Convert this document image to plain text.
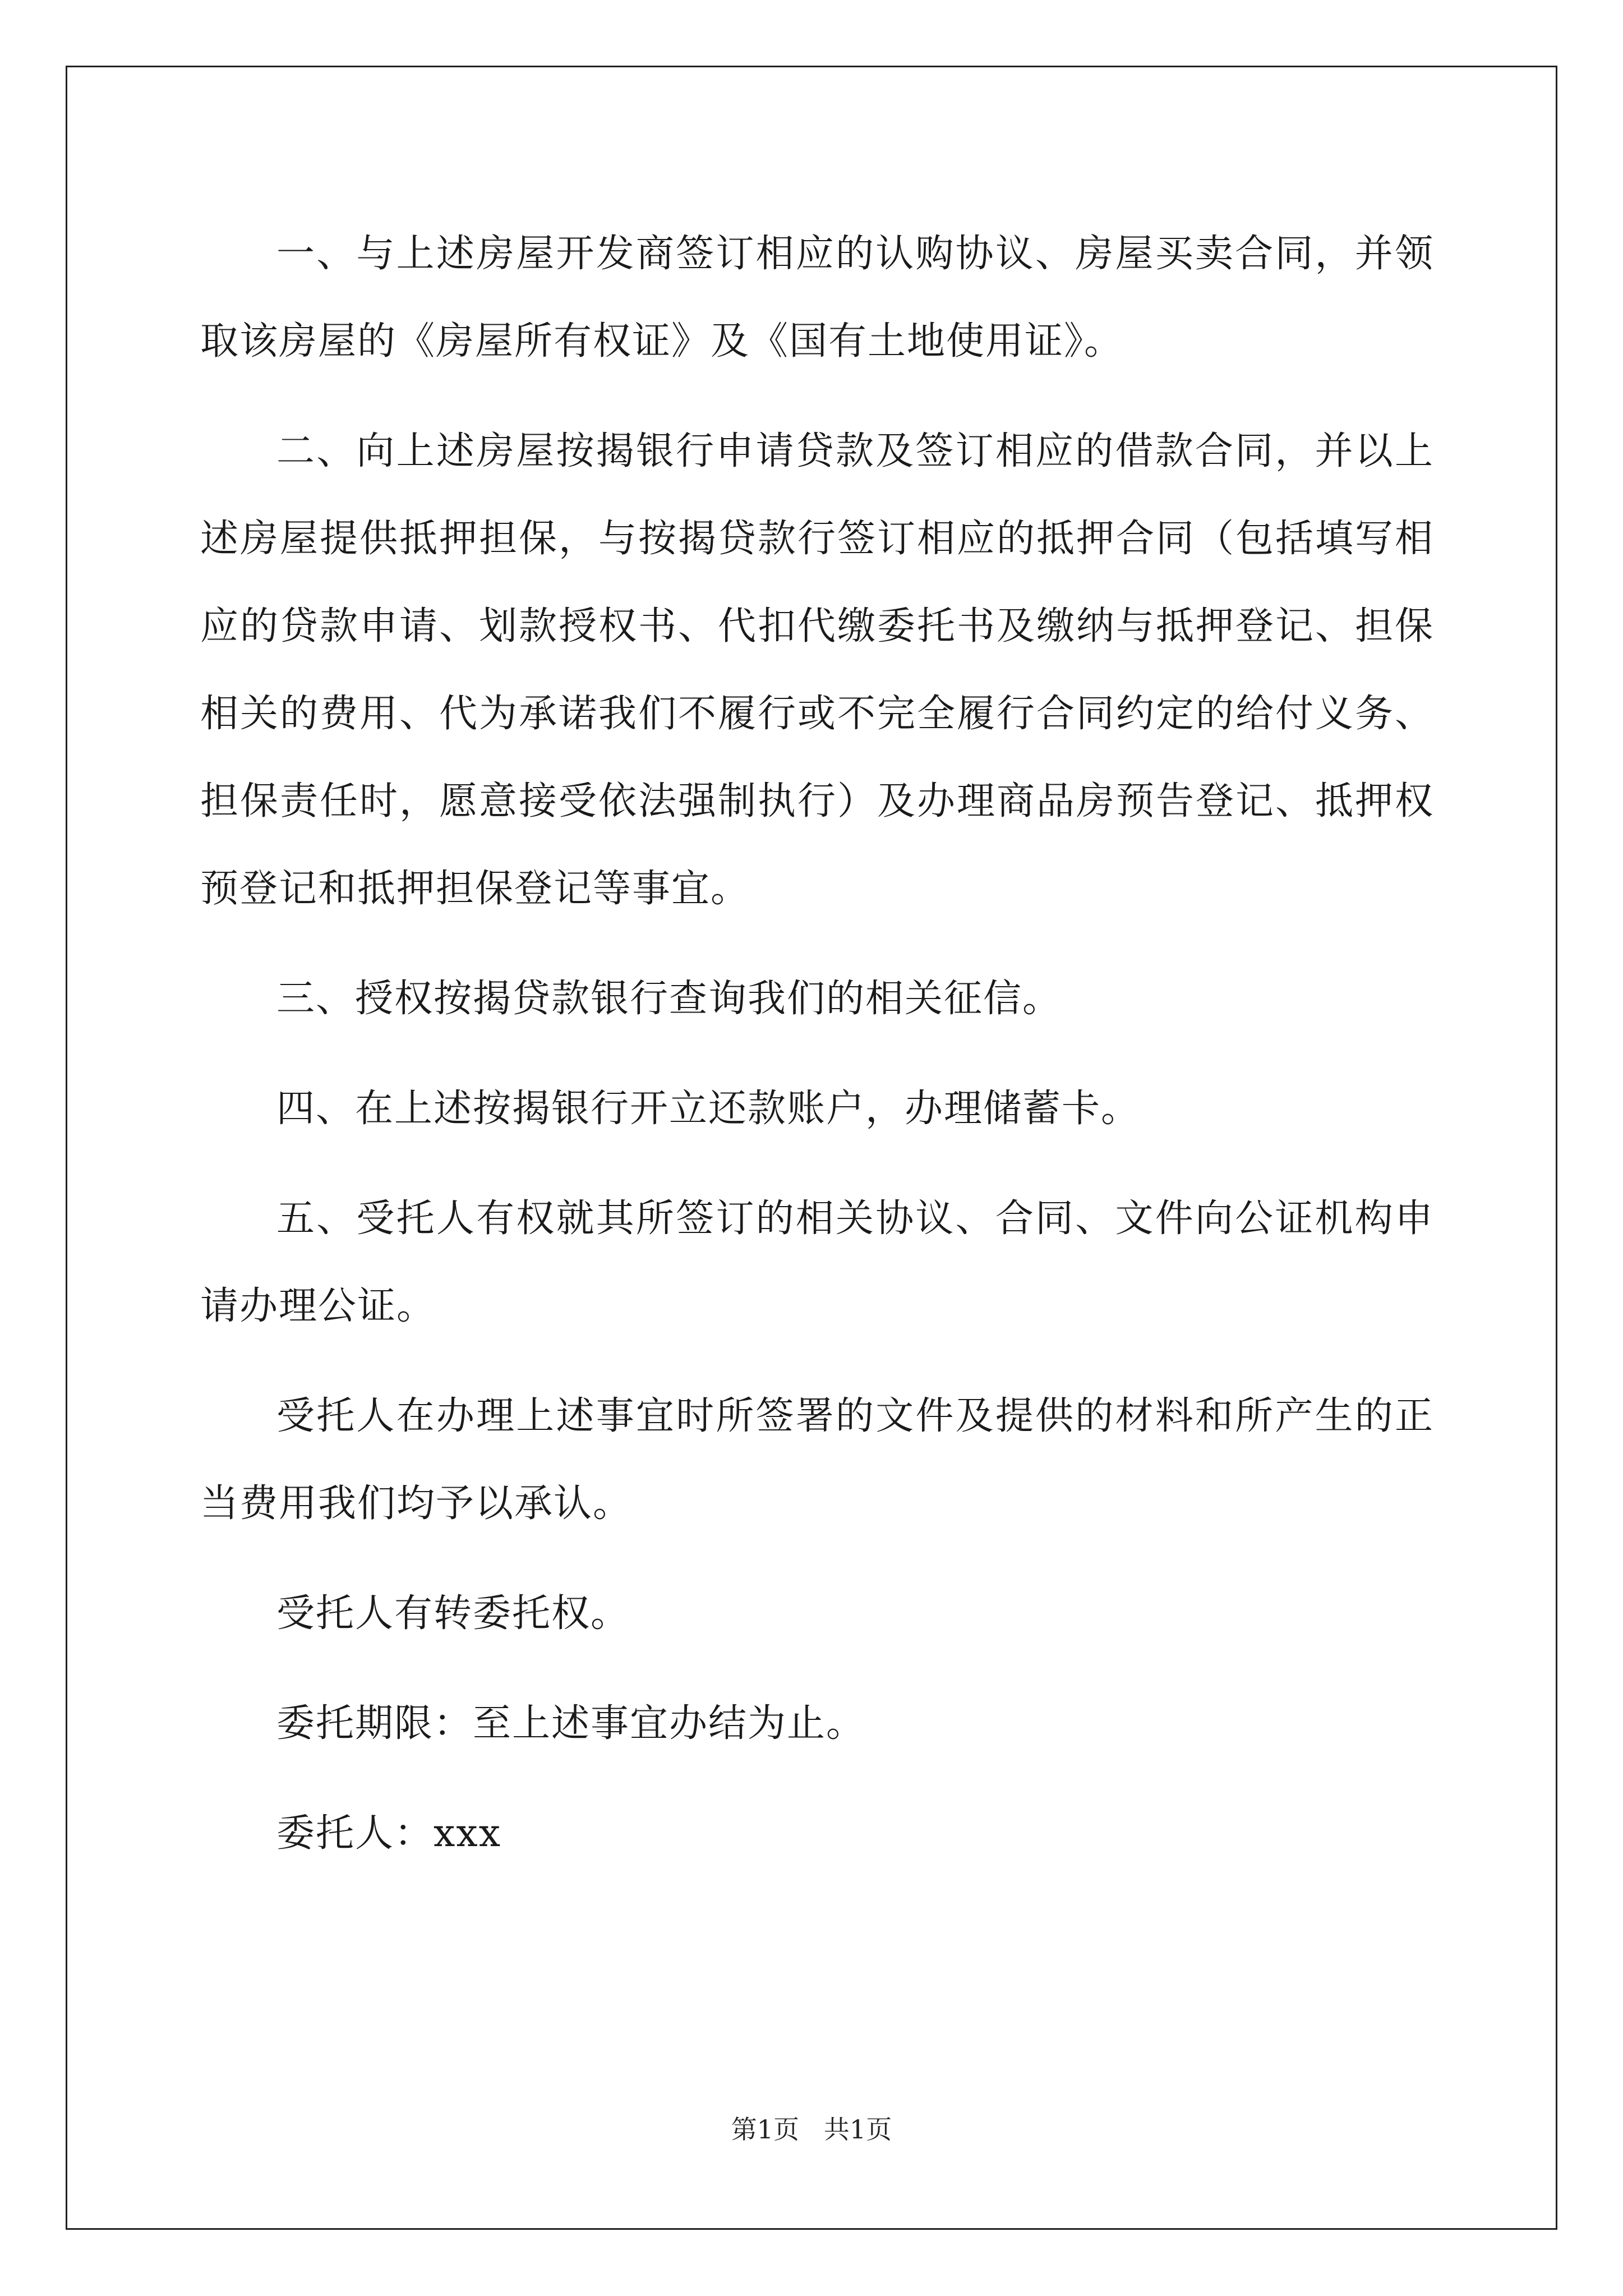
一、与上述房屋开发商签订相应的认购协议、房屋买卖合同，并领取该房屋的《房屋所有权证》及《国有土地使用证》。

二、向上述房屋按揭银行申请贷款及签订相应的借款合同，并以上述房屋提供抵押担保，与按揭贷款行签订相应的抵押合同（包括填写相应的贷款申请、划款授权书、代扣代缴委托书及缴纳与抵押登记、担保相关的费用、代为承诺我们不履行或不完全履行合同约定的给付义务、担保责任时，愿意接受依法强制执行）及办理商品房预告登记、抵押权预登记和抵押担保登记等事宜。

三、授权按揭贷款银行查询我们的相关征信。

四、在上述按揭银行开立还款账户，办理储蓄卡。

五、受托人有权就其所签订的相关协议、合同、文件向公证机构申请办理公证。

受托人在办理上述事宜时所签署的文件及提供的材料和所产生的正当费用我们均予以承认。

受托人有转委托权。

委托期限：至上述事宜办结为止。

委托人：xxx

第1页   共1页
